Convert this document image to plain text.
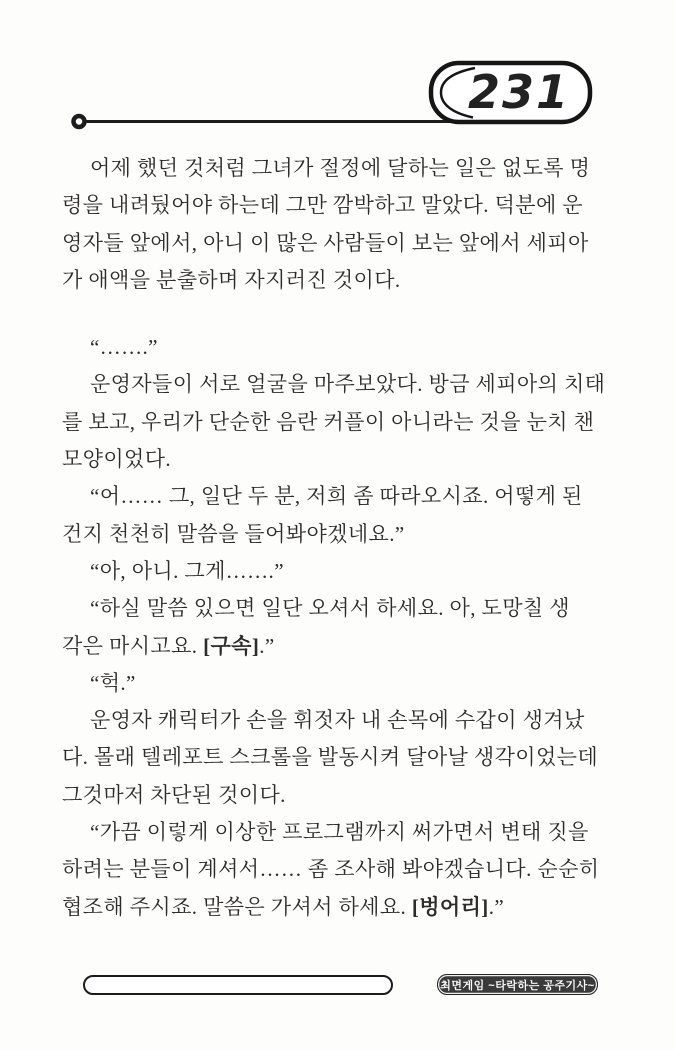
231
어제 했던 것처럼 그녀가 절정에 달하는 일은 없도록 명
령을 내려뒀어야 하는데 그만 깜박하고 말았다. 덕분에 운
영자들 앞에서, 아니 이 많은 사람들이 보는 앞에서 세피아
가 애액을 분출하며 자지러진 것이다.
“…….”
운영자들이 서로 얼굴을 마주보았다. 방금 세피아의 치태
를 보고, 우리가 단순한 음란 커플이 아니라는 것을 눈치 챈
모양이었다.
“어…… 그, 일단 두 분, 저희 좀 따라오시죠. 어떻게 된
건지 천천히 말씀을 들어봐야겠네요.”
“아, 아니. 그게…….”
“하실 말씀 있으면 일단 오셔서 하세요. 아, 도망칠 생
각은 마시고요. [구속].”
“헉.”
운영자 캐릭터가 손을 휘젓자 내 손목에 수갑이 생겨났
다. 몰래 텔레포트 스크롤을 발동시켜 달아날 생각이었는데
그것마저 차단된 것이다.
“가끔 이렇게 이상한 프로그램까지 써가면서 변태 짓을
하려는 분들이 계셔서…… 좀 조사해 봐야겠습니다. 순순히
협조해 주시죠. 말씀은 가셔서 하세요. [벙어리].”
최면게임 ~타락하는 공주기사~
